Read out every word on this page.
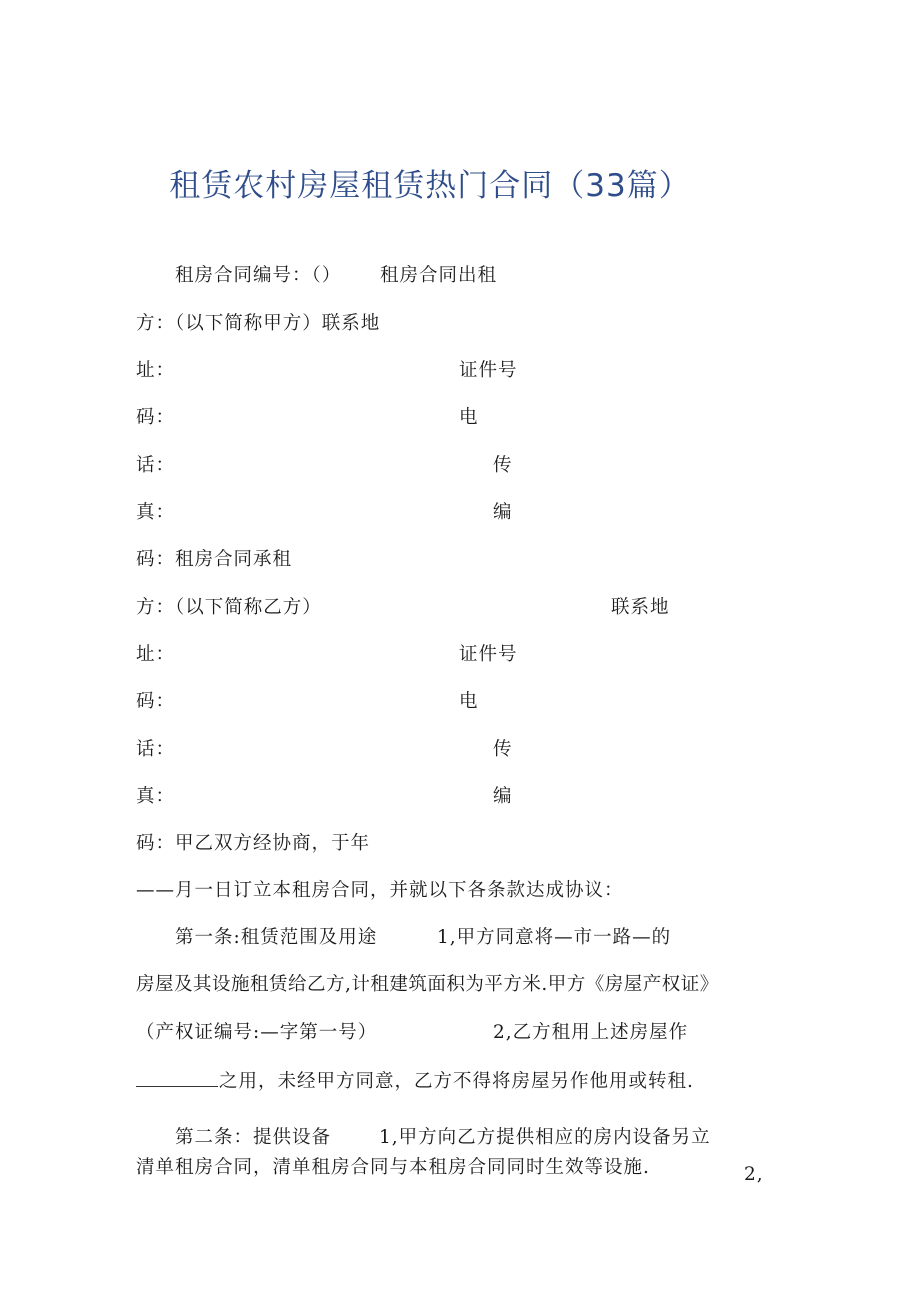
租赁农村房屋租赁热门合同（33篇）
租房合同编号：（） 租房合同出租
方：（以下简称甲方）联系地
址：	证件号
码：	电
话：	传
真：	编
码：租房合同承租
方：（以下简称乙方）	联系地
址：	证件号
码：	电
话：	传
真：	编
码：甲乙双方经协商，于年
——月一日订立本租房合同，并就以下各条款达成协议：
第一条:租赁范围及用途	1,甲方同意将—市一路—的
房屋及其设施租赁给乙方,计租建筑面积为平方米.甲方《房屋产权证》
（产权证编号:—字第一号）	2,乙方租用上述房屋作
之用，未经甲方同意，乙方不得将房屋另作他用或转租.
第二条：提供设备	1,甲方向乙方提供相应的房内设备另立
清单租房合同，清单租房合同与本租房合同同时生效等设施.	2,
